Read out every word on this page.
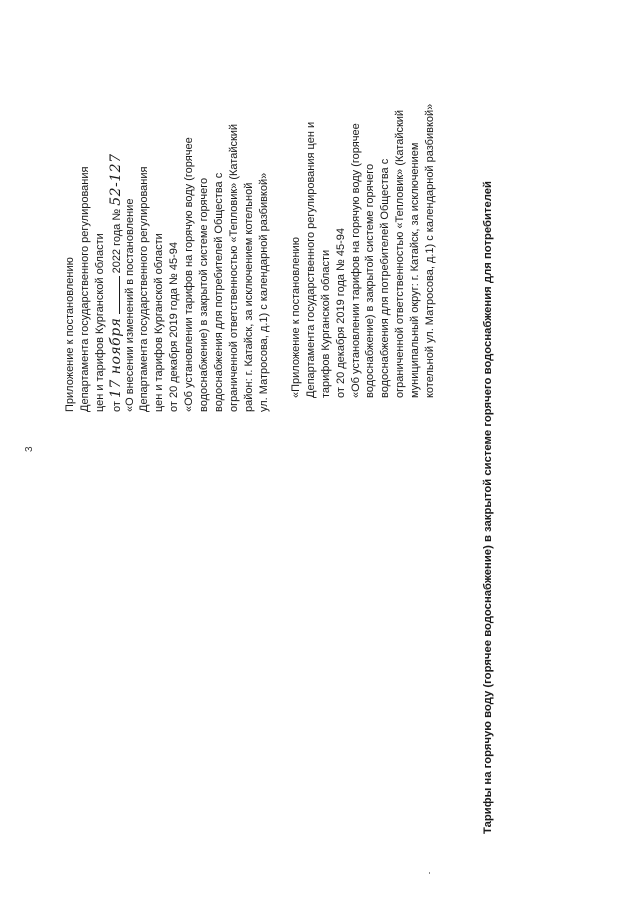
3
Приложение к постановлению Департамента государственного регулирования цен и тарифов Курганской области от 17 ноября  2022 года № 52-127
«О внесении изменений в постановление Департамента государственного регулирования цен и тарифов Курганской области от 20 декабря 2019 года № 45-94 «Об установлении тарифов на горячую воду (горячее водоснабжение) в закрытой системе горячего водоснабжения для потребителей Общества с ограниченной ответственностью «Тепловик» (Катайский район: г. Катайск, за исключением котельной ул. Матросова, д.1) с календарной разбивкой» «Приложение к постановлению Департамента государственного регулирования цен и тарифов Курганской области от 20 декабря 2019 года № 45-94 «Об установлении тарифов на горячую воду (горячее водоснабжение) в закрытой системе горячего водоснабжения для потребителей Общества с ограниченной ответственностью «Тепловик» (Катайский муниципальный округ: г. Катайск, за исключением котельной ул. Матросова, д.1) с календарной разбивкой»	Тарифы на горячую воду (горячее водоснабжение) в закрытой системе горячего водоснабжения для потребителей
